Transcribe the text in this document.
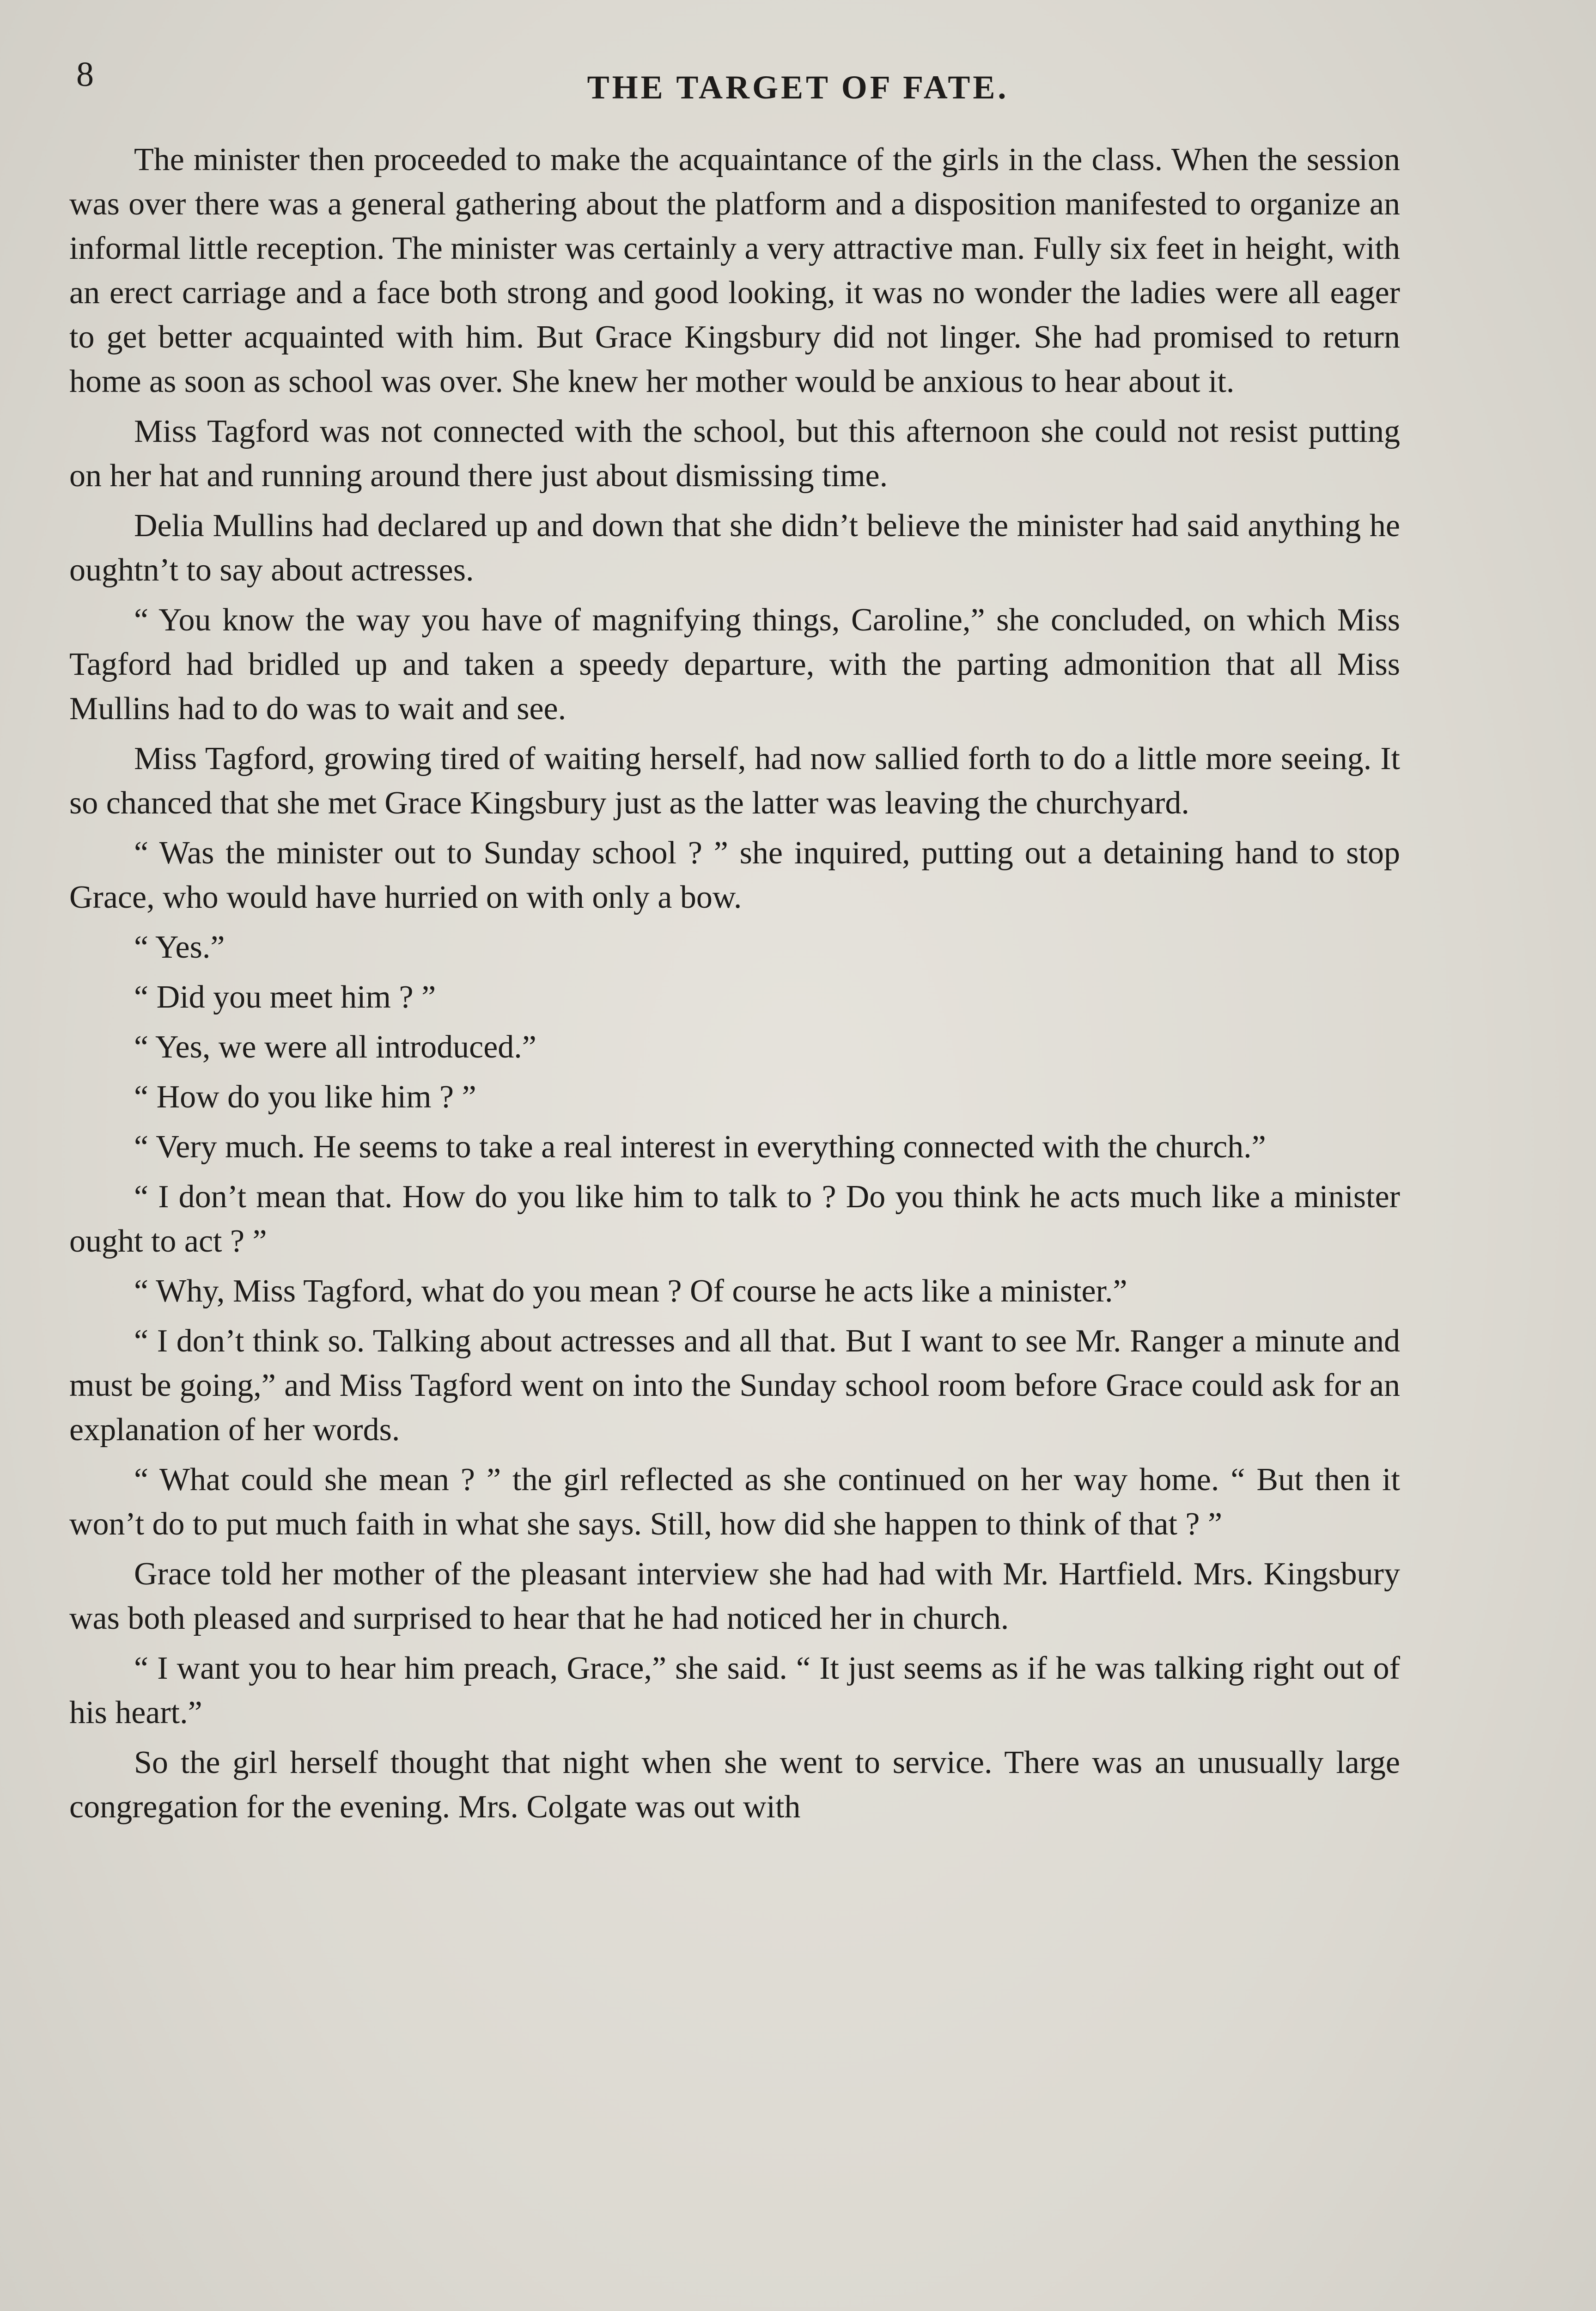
8	THE TARGET OF FATE.

The minister then proceeded to make the acquaintance of the girls in the class. When the session was over there was a general gathering about the platform and a disposition manifested to organize an informal little reception. The minister was certainly a very attractive man. Fully six feet in height, with an erect carriage and a face both strong and good looking, it was no wonder the ladies were all eager to get better acquainted with him. But Grace Kingsbury did not linger. She had promised to return home as soon as school was over. She knew her mother would be anxious to hear about it.

Miss Tagford was not connected with the school, but this afternoon she could not resist putting on her hat and running around there just about dismissing time.

Delia Mullins had declared up and down that she didn’t believe the minister had said anything he oughtn’t to say about actresses.

“ You know the way you have of magnifying things, Caroline,” she concluded, on which Miss Tagford had bridled up and taken a speedy departure, with the parting admonition that all Miss Mullins had to do was to wait and see.

Miss Tagford, growing tired of waiting herself, had now sallied forth to do a little more seeing. It so chanced that she met Grace Kingsbury just as the latter was leaving the churchyard.

“ Was the minister out to Sunday school ? ” she inquired, putting out a detaining hand to stop Grace, who would have hurried on with only a bow.

“ Yes.”

“ Did you meet him ? ”

“ Yes, we were all introduced.”

“ How do you like him ? ”

“ Very much. He seems to take a real interest in everything connected with the church.”

“ I don’t mean that. How do you like him to talk to ? Do you think he acts much like a minister ought to act ? ”

“ Why, Miss Tagford, what do you mean ? Of course he acts like a minister.”

“ I don’t think so. Talking about actresses and all that. But I want to see Mr. Ranger a minute and must be going,” and Miss Tagford went on into the Sunday school room before Grace could ask for an explanation of her words.

“ What could she mean ? ” the girl reflected as she continued on her way home. “ But then it won’t do to put much faith in what she says. Still, how did she happen to think of that ? ”

Grace told her mother of the pleasant interview she had had with Mr. Hartfield. Mrs. Kingsbury was both pleased and surprised to hear that he had noticed her in church.

“ I want you to hear him preach, Grace,” she said. “ It just seems as if he was talking right out of his heart.”

So the girl herself thought that night when she went to service. There was an unusually large congregation for the evening. Mrs. Colgate was out with
